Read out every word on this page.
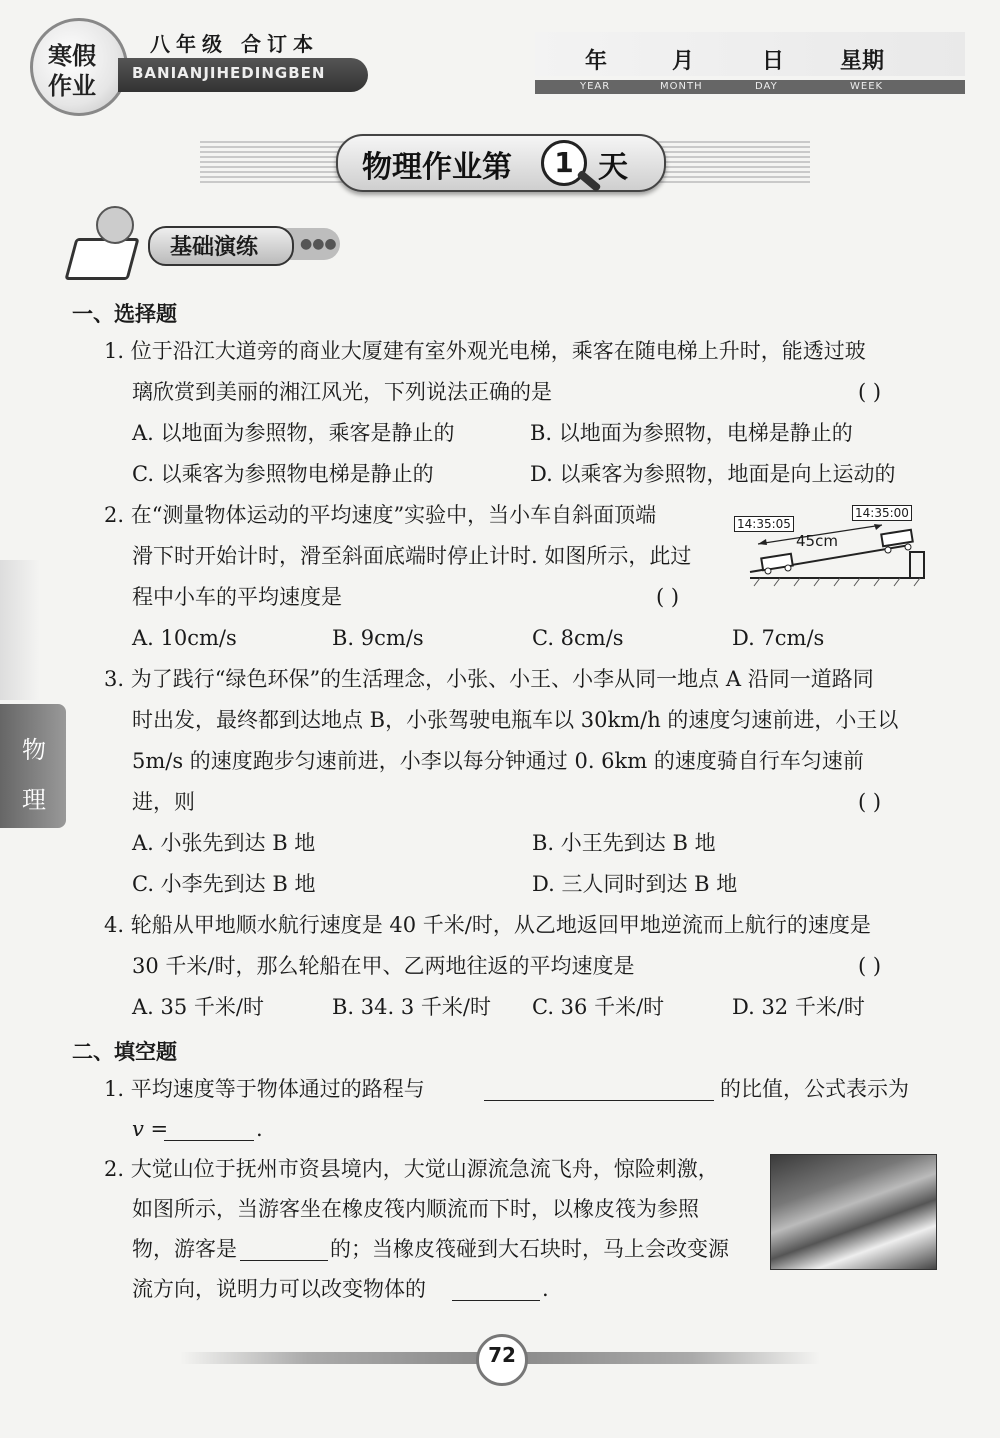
寒假
作业
八年级 合订本
BANIANJIHEDINGBEN	年	月	日	星期
YEAR	MONTH	DAY	WEEK
物理作业第	1 天
基础演练	●●●
物
理
一、选择题
1. 位于沿江大道旁的商业大厦建有室外观光电梯，乘客在随电梯上升时，能透过玻
璃欣赏到美丽的湘江风光，下列说法正确的是	( )
A. 以地面为参照物，乘客是静止的	B. 以地面为参照物，电梯是静止的
C. 以乘客为参照物电梯是静止的	D. 以乘客为参照物，地面是向上运动的
2. 在“测量物体运动的平均速度”实验中，当小车自斜面顶端
滑下时开始计时，滑至斜面底端时停止计时. 如图所示，此过
程中小车的平均速度是	( )
14:35:05
14:35:00
45cm
A. 10cm/s	B. 9cm/s	C. 8cm/s	D. 7cm/s
3. 为了践行“绿色环保”的生活理念，小张、小王、小李从同一地点 A 沿同一道路同
时出发，最终都到达地点 B，小张驾驶电瓶车以 30km/h 的速度匀速前进，小王以
5m/s 的速度跑步匀速前进，小李以每分钟通过 0. 6km 的速度骑自行车匀速前
进，则	( )
A. 小张先到达 B 地	B. 小王先到达 B 地
C. 小李先到达 B 地	D. 三人同时到达 B 地
4. 轮船从甲地顺水航行速度是 40 千米/时，从乙地返回甲地逆流而上航行的速度是
30 千米/时，那么轮船在甲、乙两地往返的平均速度是	( )
A. 35 千米/时	B. 34. 3 千米/时 C. 36 千米/时	D. 32 千米/时
二、填空题
1. 平均速度等于物体通过的路程与	的比值，公式表示为
v =	.
2. 大觉山位于抚州市资县境内，大觉山源流急流飞舟，惊险刺激，
如图所示，当游客坐在橡皮筏内顺流而下时，以橡皮筏为参照
物，游客是	的；当橡皮筏碰到大石块时，马上会改变源
流方向，说明力可以改变物体的	.
72
